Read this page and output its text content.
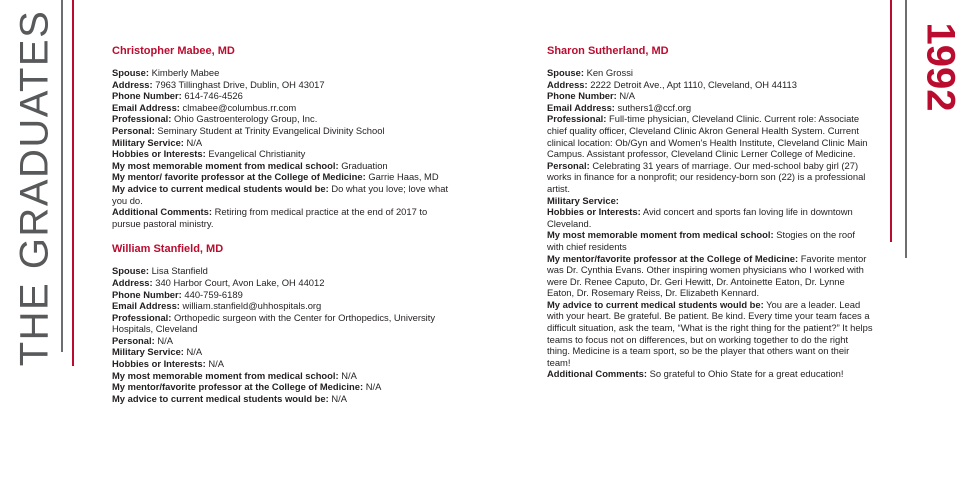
THE GRADUATES	1992
Christopher Mabee, MD

Spouse: Kimberly Mabee

Address: 7963 Tillinghast Drive, Dublin, OH 43017

Phone Number: 614-746-4526

Email Address: clmabee@columbus.rr.com

Professional: Ohio Gastroenterology Group, Inc.

Personal: Seminary Student at Trinity Evangelical Divinity School

Military Service: N/A

Hobbies or Interests: Evangelical Christianity

My most memorable moment from medical school: Graduation

My mentor/ favorite professor at the College of Medicine: Garrie Haas, MD

My advice to current medical students would be: Do what you love; love what you do.

Additional Comments: Retiring from medical practice at the end of 2017 to pursue pastoral ministry.

William Stanfield, MD

Spouse: Lisa Stanfield

Address: 340 Harbor Court, Avon Lake, OH 44012

Phone Number: 440-759-6189

Email Address: william.stanfield@uhhospitals.org

Professional: Orthopedic surgeon with the Center for Orthopedics, University Hospitals, Cleveland

Personal: N/A

Military Service: N/A

Hobbies or Interests: N/A

My most memorable moment from medical school: N/A

My mentor/favorite professor at the College of Medicine: N/A

My advice to current medical students would be: N/A

Sharon Sutherland, MD

Spouse: Ken Grossi

Address: 2222 Detroit Ave., Apt 1110, Cleveland, OH 44113

Phone Number: N/A

Email Address: suthers1@ccf.org

Professional: Full-time physician, Cleveland Clinic. Current role: Associate chief quality officer, Cleveland Clinic Akron General Health System. Current clinical location: Ob/Gyn and Women's Health Institute, Cleveland Clinic Main Campus. Assistant professor, Cleveland Clinic Lerner College of Medicine.

Personal: Celebrating 31 years of marriage. Our med-school baby girl (27) works in finance for a nonprofit; our residency-born son (22) is a professional artist.

Military Service:

Hobbies or Interests: Avid concert and sports fan loving life in downtown Cleveland.

My most memorable moment from medical school: Stogies on the roof with chief residents

My mentor/favorite professor at the College of Medicine: Favorite mentor was Dr. Cynthia Evans. Other inspiring women physicians who I worked with were Dr. Renee Caputo, Dr. Geri Hewitt, Dr. Antoinette Eaton, Dr. Lynne Eaton, Dr. Rosemary Reiss, Dr. Elizabeth Kennard.

My advice to current medical students would be: You are a leader. Lead with your heart. Be grateful. Be patient. Be kind. Every time your team faces a difficult situation, ask the team, “What is the right thing for the patient?” It helps teams to focus not on differences, but on working together to do the right thing. Medicine is a team sport, so be the player that others want on their team!

Additional Comments: So grateful to Ohio State for a great education!
